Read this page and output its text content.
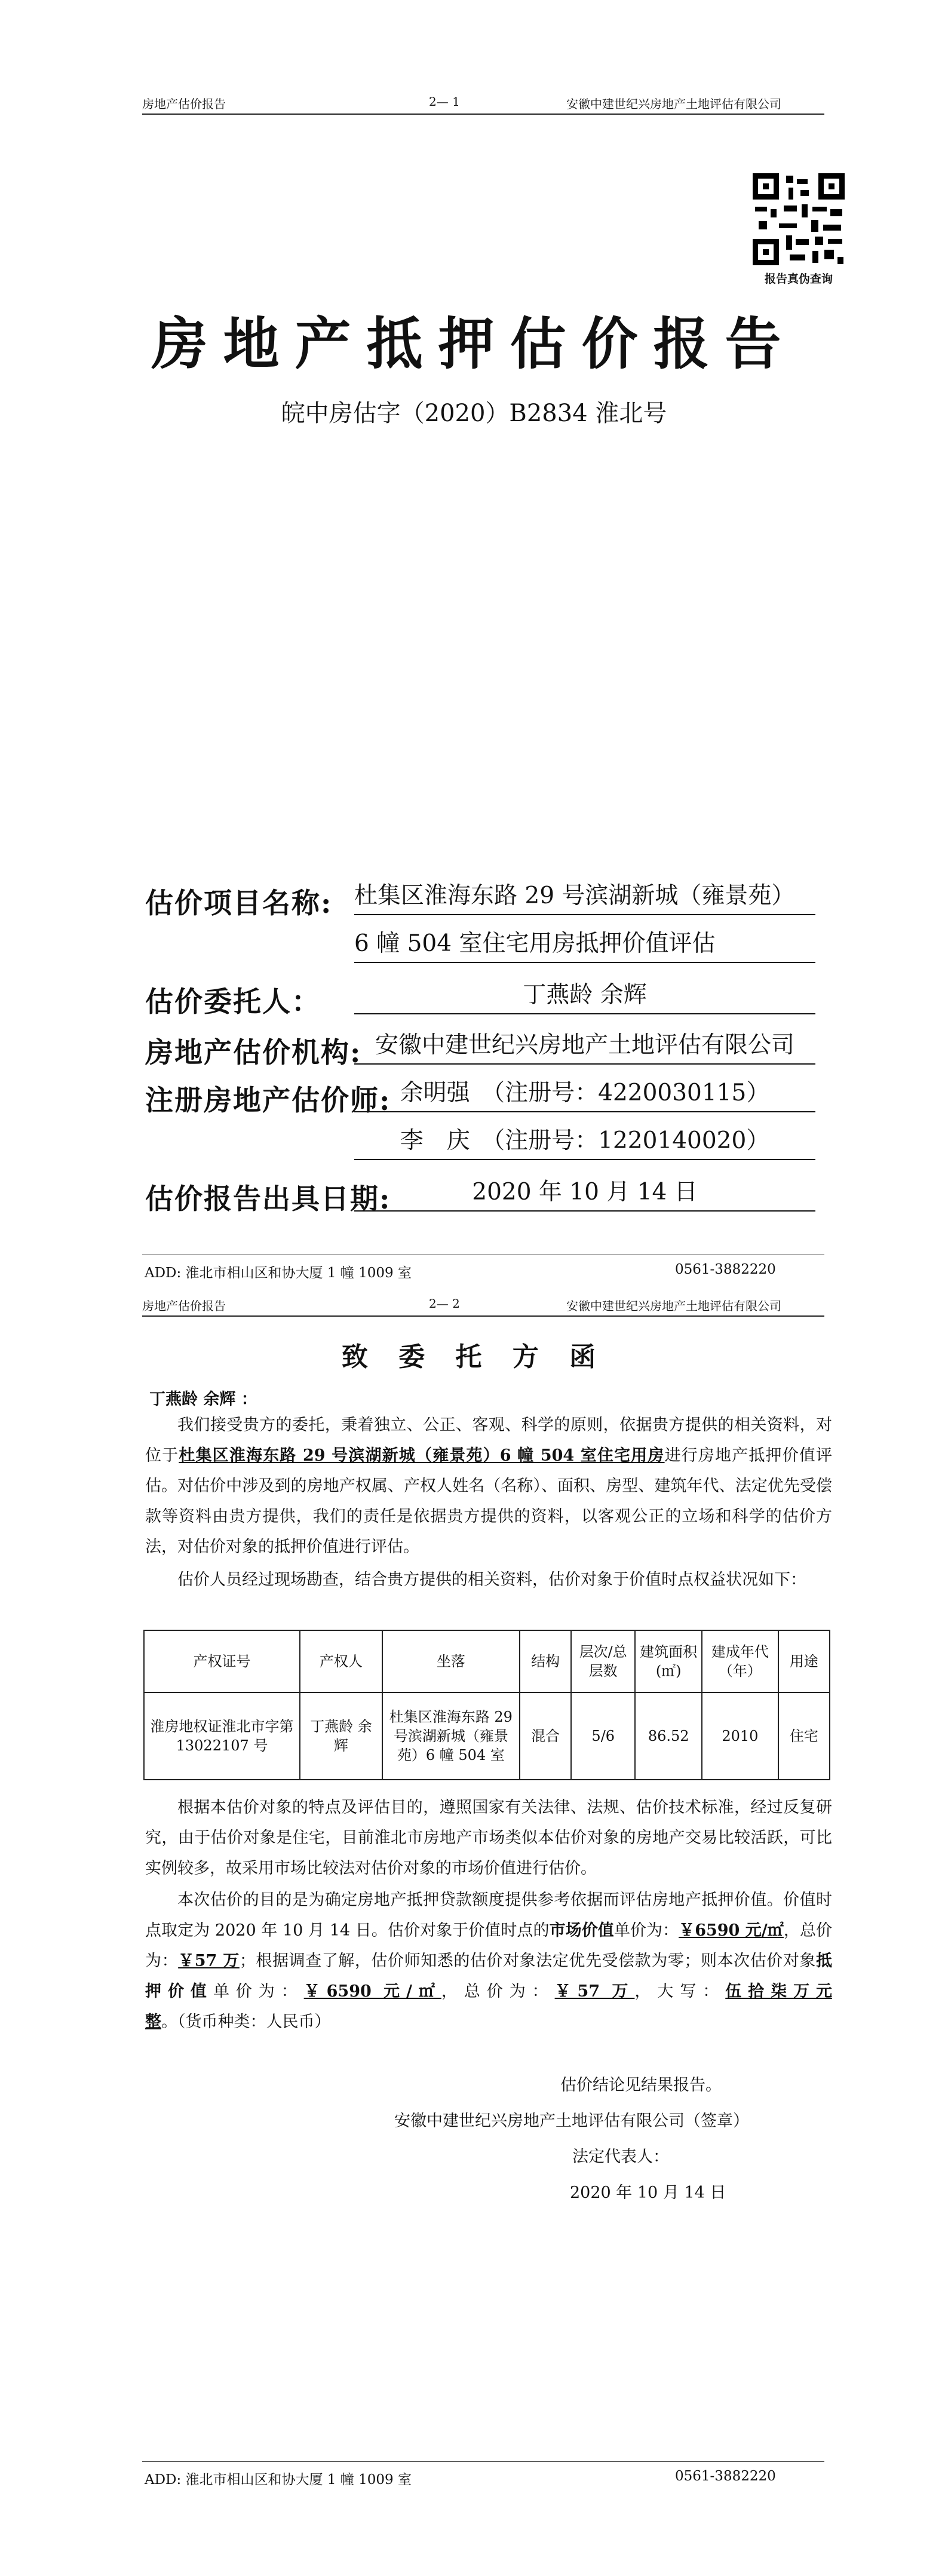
房地产估价报告	2— 1	安徽中建世纪兴房地产土地评估有限公司
报告真伪查询
房地产抵押估价报告
皖中房估字（2020）B2834 淮北号
估价项目名称: 杜集区淮海东路 29 号滨湖新城（雍景苑）
6 幢 504 室住宅用房抵押价值评估
估价委托人：	丁燕龄 余辉
房地产估价机构: 安徽中建世纪兴房地产土地评估有限公司
注册房地产估价师: 余明强　（注册号：4220030115）
李　庆　（注册号：1220140020）
估价报告出具日期:	2020 年 10 月 14 日
ADD: 淮北市相山区和协大厦 1 幢 1009 室	0561-3882220
房地产估价报告	2— 2	安徽中建世纪兴房地产土地评估有限公司
致 委 托 方 函
丁燕龄 余辉 ：
我们接受贵方的委托，秉着独立、公正、客观、科学的原则，依据贵方提供的相关资料，对位于杜集区淮海东路 29 号滨湖新城（雍景苑）6 幢 504 室住宅用房进行房地产抵押价值评估。对估价中涉及到的房地产权属、产权人姓名（名称）、面积、房型、建筑年代、法定优先受偿款等资料由贵方提供，我们的责任是依据贵方提供的资料，以客观公正的立场和科学的估价方法，对估价对象的抵押价值进行评估。
估价人员经过现场勘查，结合贵方提供的相关资料，估价对象于价值时点权益状况如下：
产权证号	产权人	坐落	结构	层次/总层数	建筑面积(㎡)	建成年代（年）	用途
淮房地权证淮北市字第 13022107 号	丁燕龄 余辉	杜集区淮海东路 29 号滨湖新城（雍景苑）6 幢 504 室	混合	5/6	86.52	2010	住宅
根据本估价对象的特点及评估目的，遵照国家有关法律、法规、估价技术标准，经过反复研究，由于估价对象是住宅，目前淮北市房地产市场类似本估价对象的房地产交易比较活跃，可比实例较多，故采用市场比较法对估价对象的市场价值进行估价。
本次估价的目的是为确定房地产抵押贷款额度提供参考依据而评估房地产抵押价值。价值时点取定为 2020 年 10 月 14 日。估价对象于价值时点的市场价值单价为：￥6590 元/㎡，总价为：￥57 万；根据调查了解，估价师知悉的估价对象法定优先受偿款为零；则本次估价对象抵押价值单价为：￥6590 元/㎡，总价为：￥57 万，大写：伍拾柒万元整。（货币种类：人民币）
估价结论见结果报告。
安徽中建世纪兴房地产土地评估有限公司（签章）
法定代表人：
2020 年 10 月 14 日
ADD: 淮北市相山区和协大厦 1 幢 1009 室	0561-3882220
